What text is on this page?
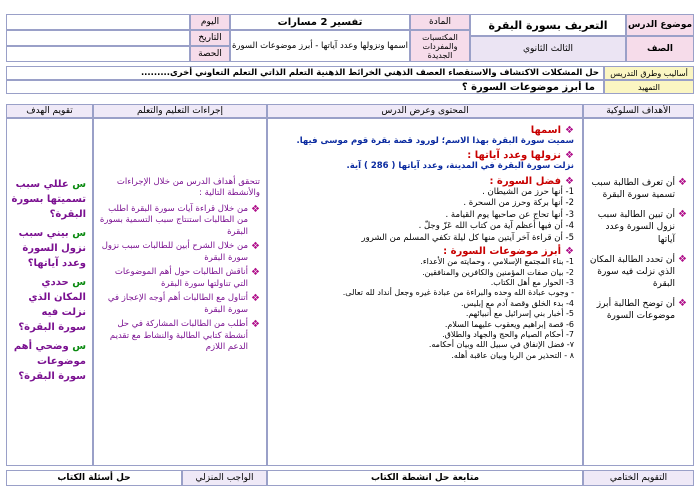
موضوع الدرس
التعريف بسورة البقرة
المادة
تفسير 2 مسارات
اليوم
الصف
الثالث الثانوي
المكتسبات والمفردات الجديدة
اسمها ونزولها وعدد آياتها - أبرز موضوعات السورة
التاريخ
الحصة
أساليب وطرق التدريس
حل المشكلات الاكتشاف والاستقصاء العصف الذهني الخرائط الذهنية التعلم الذاتي التعلم التعاوني أخرى.........
التمهيد
ما أبرز موضوعات السورة ؟
الأهداف السلوكية
المحتوى وعرض الدرس
إجراءات التعليم والتعلم
تقويم الهدف
❖

أن تعرف الطالبة سبب تسمية سورة البقرة

❖

أن تبين الطالبة سبب نزول السورة وعدد آياتها

❖

أن تحدد الطالبة المكان الذي نزلت فيه سورة البقرة

❖

أن توضح الطالبة أبرز موضوعات السورة

❖
اسمها

سميت سورة البقرة بهذا الاسم؛ لورود قصة بقرة قوم موسى فيها.

❖
نزولها وعدد آياتها :

نزلت سورة البقرة في المدينة، وعدد آياتها ( 286 ) آية.

❖
فضل السورة :

1- أنها حرز من الشيطان .

2- أنها بركة وحرز من السحرة .

3- أنها تحاج عن صاحبها يوم القيامة .

4- أن فيها أعظم آية من كتاب الله عَزّ وجلّ .

5- أن قراءة آخر آيتين منها كل ليلة تكفي المسلم من الشرور

❖
أبرز موضوعات السورة :

1- بناء المجتمع الإسلامي ، وحمايته من الأعداء.

2- بيان صفات المؤمنين والكافرين والمنافقين.

3- الحوار مع أهل الكتاب.

- وجوب عبادة الله وحده والبراءة من عبادة غيره وجعل أنداد لله تعالى.

4- بدء الخلق وقصة آدم مع إبليس.

5- أخبار بني إسرائيل مع أنبيائهم.

6- قصة إبراهيم ويعقوب عليهما السلام.

7- أحكام الصيام والحج والجهاد والطلاق.

٧- فضل الإنفاق في سبيل الله وبيان أحكامه.

٨ - التحذير من الربا وبيان عاقبة أهله.

تتحقق أهداف الدرس من خلال الإجراءات والأنشطة التالية :

❖

من خلال قراءة آيات سورة البقرة اطلب من الطالبات استنتاج سبب التسمية بسورة البقرة

❖

من خلال الشرح أبين للطالبات سبب نزول سورة البقرة

❖

أناقش الطالبات حول أهم الموضوعات التي تناولتها سورة البقرة

❖

أتناول مع الطالبات أهم أوجه الإعجاز في سورة البقرة

❖

أطلب من الطالبات المشاركة في حل أنشطة كتابي الطالبة والنشاط مع تقديم الدعم اللازم

س عللي سبب تسميتها بسورة البقرة؟

س بيني سبب نزول السورة وعدد آياتها؟

س حددي المكان الذي نزلت فيه سورة البقرة؟

س وضحي أهم موضوعات سورة البقرة؟

التقويم الختامي
متابعة حل انشطة الكتاب
الواجب المنزلي
حل أسئلة الكتاب
